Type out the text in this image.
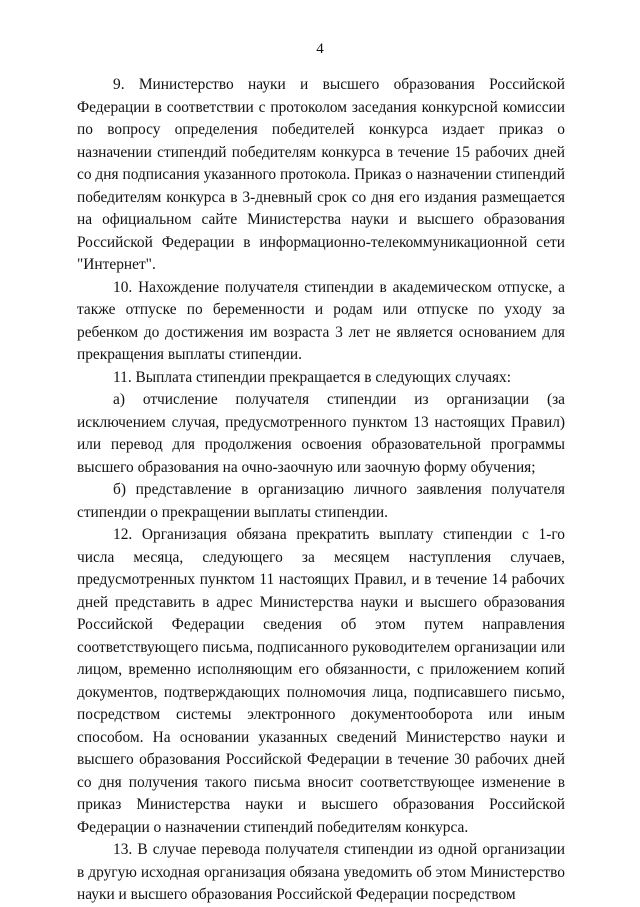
4

9. Министерство науки и высшего образования Российской Федерации в соответствии с протоколом заседания конкурсной комиссии по вопросу определения победителей конкурса издает приказ о назначении стипендий победителям конкурса в течение 15 рабочих дней со дня подписания указанного протокола. Приказ о назначении стипендий победителям конкурса в 3-дневный срок со дня его издания размещается на официальном сайте Министерства науки и высшего образования Российской Федерации в информационно-телекоммуникационной сети "Интернет".

10. Нахождение получателя стипендии в академическом отпуске, а также отпуске по беременности и родам или отпуске по уходу за ребенком до достижения им возраста 3 лет не является основанием для прекращения выплаты стипендии.

11. Выплата стипендии прекращается в следующих случаях:

а) отчисление получателя стипендии из организации (за исключением случая, предусмотренного пунктом 13 настоящих Правил) или перевод для продолжения освоения образовательной программы высшего образования на очно-заочную или заочную форму обучения;

б) представление в организацию личного заявления получателя стипендии о прекращении выплаты стипендии.

12. Организация обязана прекратить выплату стипендии с 1-го числа месяца, следующего за месяцем наступления случаев, предусмотренных пунктом 11 настоящих Правил, и в течение 14 рабочих дней представить в адрес Министерства науки и высшего образования Российской Федерации сведения об этом путем направления соответствующего письма, подписанного руководителем организации или лицом, временно исполняющим его обязанности, с приложением копий документов, подтверждающих полномочия лица, подписавшего письмо, посредством системы электронного документооборота или иным способом. На основании указанных сведений Министерство науки и высшего образования Российской Федерации в течение 30 рабочих дней со дня получения такого письма вносит соответствующее изменение в приказ Министерства науки и высшего образования Российской Федерации о назначении стипендий победителям конкурса.

13. В случае перевода получателя стипендии из одной организации в другую исходная организация обязана уведомить об этом Министерство науки и высшего образования Российской Федерации посредством
